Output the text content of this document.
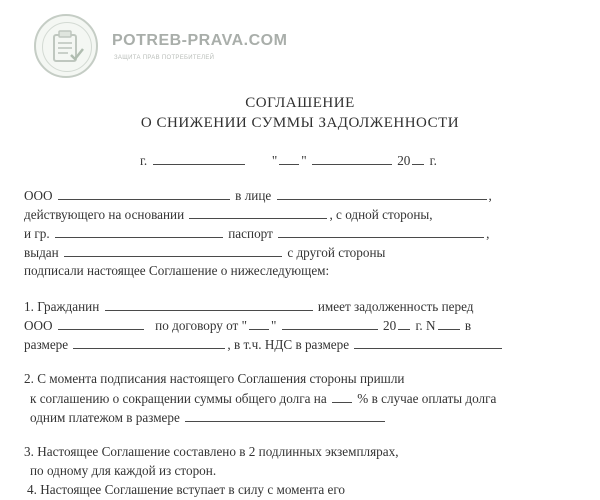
POTREB-PRAVA.COM
ЗАЩИТА ПРАВ ПОТРЕБИТЕЛЕЙ
СОГЛАШЕНИЕ
О СНИЖЕНИИ СУММЫ ЗАДОЛЖЕННОСТИ
г.	" "	20 г.
ООО	в лице	,
действующего на основании	, с одной стороны,
и гр.	паспорт	,
выдан	с другой стороны
подписали настоящее Соглашение о нижеследующем:
1. Гражданин	имеет задолженность перед
ООО	по договору от " "	20 г. N в
размере	, в т.ч. НДС в размере
2. С момента подписания настоящего Соглашения стороны пришли
к соглашению о сокращении суммы общего долга на % в случае оплаты долга
одним платежом в размере
3. Настоящее Соглашение составлено в 2 подлинных экземплярах,
по одному для каждой из сторон.
4. Настоящее Соглашение вступает в силу с момента его
